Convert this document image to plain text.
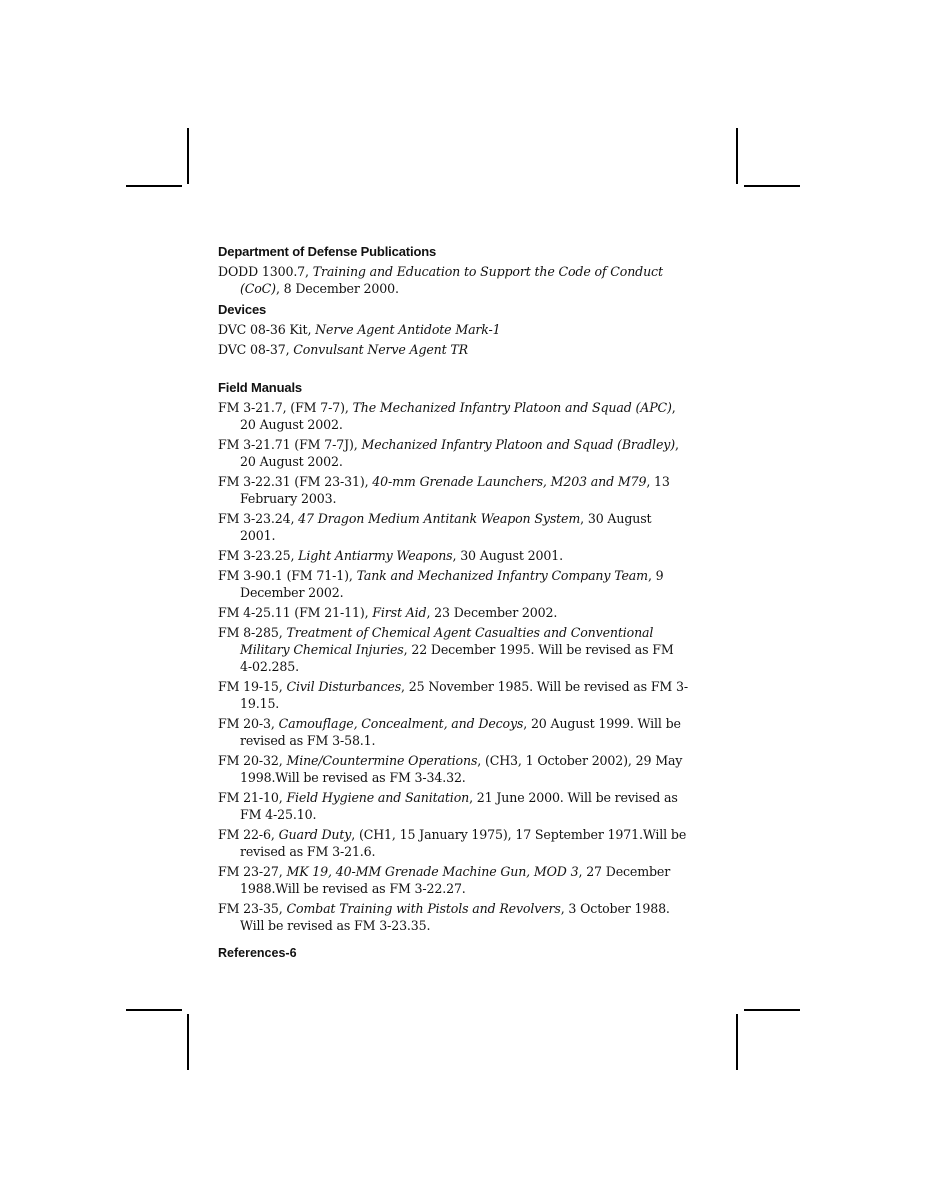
Department of Defense Publications
DODD 1300.7, Training and Education to Support the Code of Conduct (CoC), 8 December 2000.
Devices
DVC 08-36 Kit, Nerve Agent Antidote Mark-1
DVC 08-37, Convulsant Nerve Agent TR
Field Manuals
FM 3-21.7, (FM 7-7), The Mechanized Infantry Platoon and Squad (APC), 20 August 2002.
FM 3-21.71 (FM 7-7J), Mechanized Infantry Platoon and Squad (Bradley), 20 August 2002.
FM 3-22.31 (FM 23-31), 40-mm Grenade Launchers, M203 and M79, 13 February 2003.
FM 3-23.24, 47 Dragon Medium Antitank Weapon System, 30 August 2001.
FM 3-23.25, Light Antiarmy Weapons, 30 August 2001.
FM 3-90.1 (FM 71-1), Tank and Mechanized Infantry Company Team, 9 December 2002.
FM 4-25.11 (FM 21-11), First Aid, 23 December 2002.
FM 8-285, Treatment of Chemical Agent Casualties and Conventional Military Chemical Injuries, 22 December 1995. Will be revised as FM 4-02.285.
FM 19-15, Civil Disturbances, 25 November 1985. Will be revised as FM 3-19.15.
FM 20-3, Camouflage, Concealment, and Decoys, 20 August 1999. Will be revised as FM 3-58.1.
FM 20-32, Mine/Countermine Operations, (CH3, 1 October 2002), 29 May 1998.Will be revised as FM 3-34.32.
FM 21-10, Field Hygiene and Sanitation, 21 June 2000. Will be revised as FM 4-25.10.
FM 22-6, Guard Duty, (CH1, 15 January 1975), 17 September 1971.Will be revised as FM 3-21.6.
FM 23-27, MK 19, 40-MM Grenade Machine Gun, MOD 3, 27 December 1988.Will be revised as FM 3-22.27.
FM 23-35, Combat Training with Pistols and Revolvers, 3 October 1988. Will be revised as FM 3-23.35.
References-6
